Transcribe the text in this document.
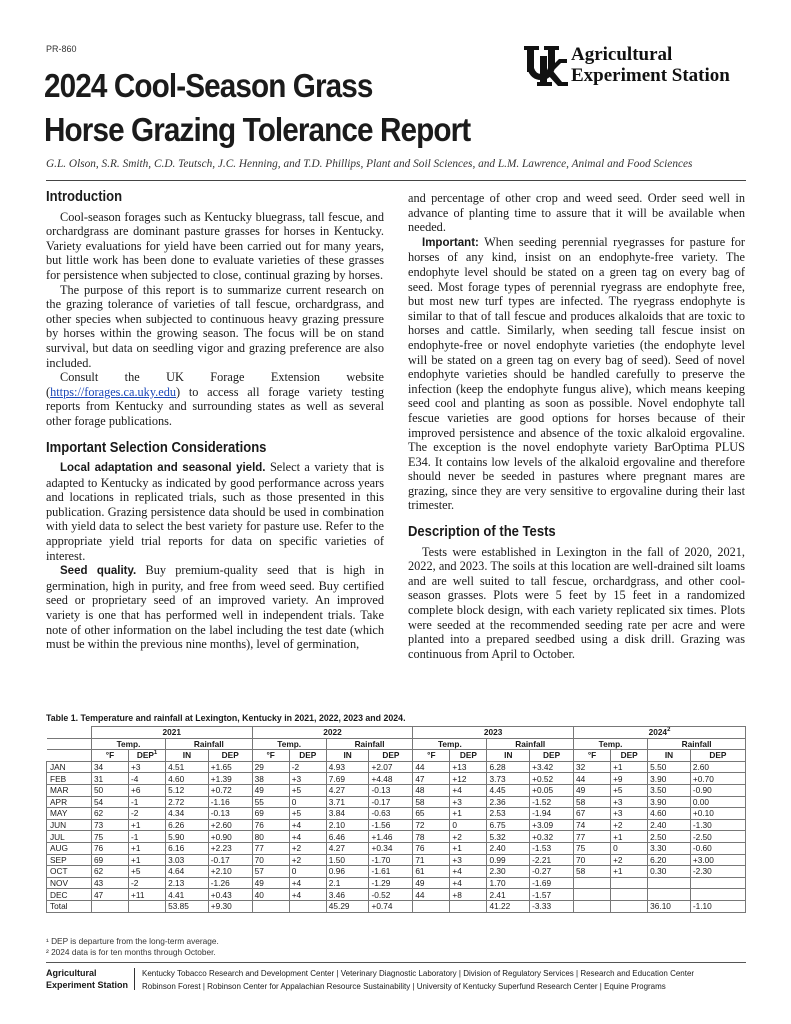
PR-860
2024 Cool-Season Grass
Horse Grazing Tolerance Report
Agricultural
Experiment Station
G.L. Olson, S.R. Smith, C.D. Teutsch, J.C. Henning, and T.D. Phillips, Plant and Soil Sciences, and L.M. Lawrence, Animal and Food Sciences
Introduction

Cool-season forages such as Kentucky bluegrass, tall fescue, and orchardgrass are dominant pasture grasses for horses in Kentucky. Variety evaluations for yield have been carried out for many years, but little work has been done to evaluate varieties of these grasses for persistence when subjected to close, continual grazing by horses.

The purpose of this report is to summarize current research on the grazing tolerance of varieties of tall fescue, orchardgrass, and other species when subjected to continuous heavy grazing pressure by horses within the growing season. The focus will be on stand survival, but data on seedling vigor and grazing preference are also included.

Consult the UK Forage Extension website (https://forages.ca.uky.edu) to access all forage variety testing reports from Kentucky and surrounding states as well as several other forage publications.

Important Selection Considerations

Local adaptation and seasonal yield. Select a variety that is adapted to Kentucky as indicated by good performance across years and locations in replicated trials, such as those presented in this publication. Grazing persistence data should be used in combination with yield data to select the best variety for pasture use. Refer to the appropriate yield trial reports for data on specific varieties of interest.

Seed quality. Buy premium-quality seed that is high in germination, high in purity, and free from weed seed. Buy certified seed or proprietary seed of an improved variety. An improved variety is one that has performed well in independent trials. Take note of other information on the label including the test date (which must be within the previous nine months), level of germination,

and percentage of other crop and weed seed. Order seed well in advance of planting time to assure that it will be available when needed.

Important: When seeding perennial ryegrasses for pasture for horses of any kind, insist on an endophyte-free variety. The endophyte level should be stated on a green tag on every bag of seed. Most forage types of perennial ryegrass are endophyte free, but most new turf types are infected. The ryegrass endophyte is similar to that of tall fescue and produces alkaloids that are toxic to horses and cattle. Similarly, when seeding tall fescue insist on endophyte-free or novel endophyte varieties (the endophyte level will be stated on a green tag on every bag of seed). Seed of novel endophyte varieties should be handled carefully to preserve the infection (keep the endophyte fungus alive), which means keeping seed cool and planting as soon as possible. Novel endophyte tall fescue varieties are good options for horses because of their improved persistence and absence of the toxic alkaloid ergovaline. The exception is the novel endophyte variety BarOptima PLUS E34. It contains low levels of the alkaloid ergovaline and therefore should never be seeded in pastures where pregnant mares are grazing, since they are very sensitive to ergovaline during their last trimester.

Description of the Tests

Tests were established in Lexington in the fall of 2020, 2021, 2022, and 2023. The soils at this location are well-drained silt loams and are well suited to tall fescue, orchardgrass, and other cool-season grasses. Plots were 5 feet by 15 feet in a randomized complete block design, with each variety replicated six times. Plots were seeded at the recommended seeding rate per acre and were planted into a prepared seedbed using a disk drill. Grazing was continuous from April to October.

Table 1. Temperature and rainfall at Lexington, Kentucky in 2021, 2022, 2023 and 2024.
	2021				2022				2023				2024$^2$
	Temp.		Rainfall		Temp.		Rainfall		Temp.		Rainfall		Temp.		Rainfall	
	°F	DEP$^1$	IN	DEP	°F	DEP	IN	DEP	°F	DEP	IN	DEP	°F	DEP	IN	DEP
JAN	34	+3	4.51	+1.65	29	-2	4.93	+2.07	44	+13	6.28	+3.42	32	+1	5.50	2.60
FEB	31	-4	4.60	+1.39	38	+3	7.69	+4.48	47	+12	3.73	+0.52	44	+9	3.90	+0.70
MAR	50	+6	5.12	+0.72	49	+5	4.27	-0.13	48	+4	4.45	+0.05	49	+5	3.50	-0.90
APR	54	-1	2.72	-1.16	55	0	3.71	-0.17	58	+3	2.36	-1.52	58	+3	3.90	0.00
MAY	62	-2	4.34	-0.13	69	+5	3.84	-0.63	65	+1	2.53	-1.94	67	+3	4.60	+0.10
JUN	73	+1	6.26	+2.60	76	+4	2.10	-1.56	72	0	6.75	+3.09	74	+2	2.40	-1.30
JUL	75	-1	5.90	+0.90	80	+4	6.46	+1.46	78	+2	5.32	+0.32	77	+1	2.50	-2.50
AUG	76	+1	6.16	+2.23	77	+2	4.27	+0.34	76	+1	2.40	-1.53	75	0	3.30	-0.60
SEP	69	+1	3.03	-0.17	70	+2	1.50	-1.70	71	+3	0.99	-2.21	70	+2	6.20	+3.00
OCT	62	+5	4.64	+2.10	57	0	0.96	-1.61	61	+4	2.30	-0.27	58	+1	0.30	-2.30
NOV	43	-2	2.13	-1.26	49	+4	2.1	-1.29	49	+4	1.70	-1.69				
DEC	47	+11	4.41	+0.43	40	+4	3.46	-0.52	44	+8	2.41	-1.57				
Total			53.85	+9.30			45.29	+0.74			41.22	-3.33			36.10	-1.10
¹ DEP is departure from the long-term average.
² 2024 data is for ten months through October.
Agricultural
Experiment Station
Kentucky Tobacco Research and Development Center | Veterinary Diagnostic Laboratory | Division of Regulatory Services | Research and Education Center
Robinson Forest | Robinson Center for Appalachian Resource Sustainability | University of Kentucky Superfund Research Center | Equine Programs
